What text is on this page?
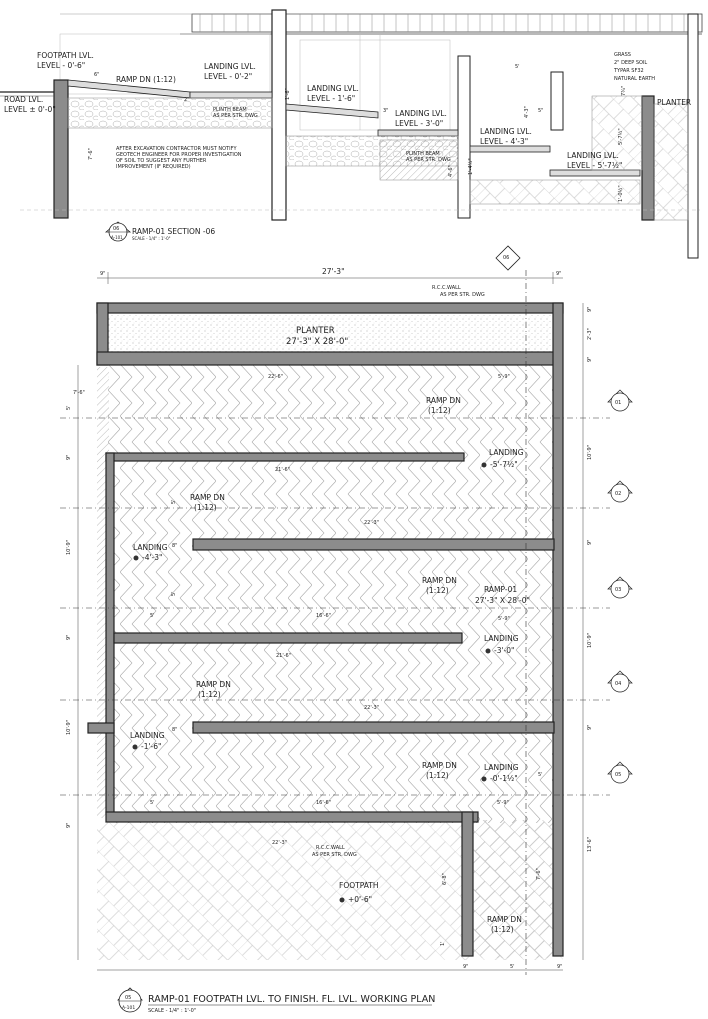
FOOTPATH LVL.
LEVEL - 0'-6"
RAMP DN (1:12)
ROAD LVL.
LEVEL ± 0'-0"
LANDING LVL.
LEVEL - 0'-2"
LANDING LVL.
LEVEL - 1'-6"
LANDING LVL.
LEVEL - 3'-0"
LANDING LVL.
LEVEL - 4'-3"
LANDING LVL.
LEVEL - 5'-7½"
PLINTH BEAM
AS PER STR. DWG
PLINTH BEAM
AS PER STR. DWG
PLANTER
AFTER EXCAVATION CONTRACTOR MUST NOTIFY
GEOTECH ENGINEER FOR PROPER INVESTIGATION
OF SOIL TO SUGGEST ANY FURTHER
IMPROVEMENT (IF REQUIRED)
GRASS
2" DEEP SOIL
TYPAR SF32
NATURAL EARTH
6"
2"	1'-6"
7'-6"
3"	4'-3"
5'
5"
1'-4½"
4'-6"
5'-7½"
7¾"
1'-0½"
06
A-101
RAMP-01 SECTION -06
SCALE - 1/4" : 1'-0"
9"	27'-3"	9"
06
R.C.C.WALL
AS PER STR. DWG
PLANTER
27'-3" X 28'-0"
22'-6"	5'-9"
7'-6"
21'-6"
22'-3"
5'-9"
5'	16'-6"
21'-6"
22'-3"
5'	16'-6"	5'-9"
22'-3"
6'-8"	7'-6"
1'
9"	5'	9"
5'
9"
10'-9"
9"
10'-9"
9"
8"
5'
8"
5'
9"
2'-3"
9"
10'-9"
9"
10'-9"
9"
13'-6"
5'
RAMP DN
(1:12)
RAMP DN
(1:12)
RAMP DN
(1:12)
RAMP DN
(1:12)
RAMP DN
(1:12)
RAMP DN
(1:12)
LANDING
-5'-7½"
LANDING
-4'-3"
LANDING
-3'-0"
LANDING
-1'-6"
LANDING
-0'-1½"
RAMP-01
27'-3" X 28'-0"
FOOTPATH
+0'-6"
R.C.C.WALL
AS PER STR. DWG
01
02
03
04
05
05
A-101
RAMP-01 FOOTPATH LVL. TO FINISH. FL. LVL. WORKING PLAN
SCALE - 1/4" : 1'-0"
